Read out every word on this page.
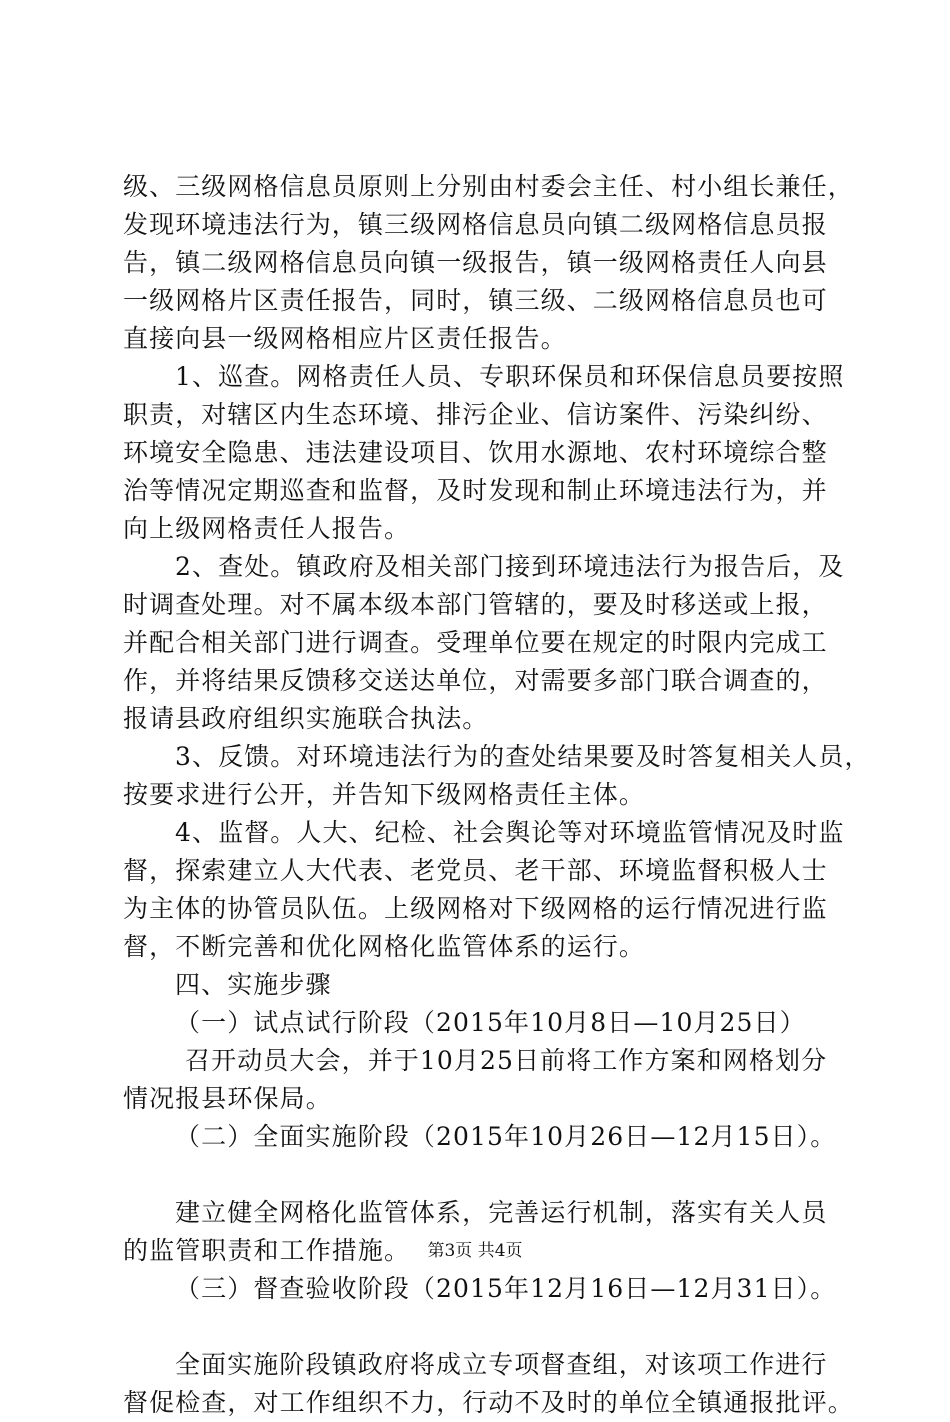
级、三级网格信息员原则上分别由村委会主任、村小组长兼任，
发现环境违法行为，镇三级网格信息员向镇二级网格信息员报
告，镇二级网格信息员向镇一级报告，镇一级网格责任人向县
一级网格片区责任报告，同时，镇三级、二级网格信息员也可
直接向县一级网格相应片区责任报告。
1、巡查。网格责任人员、专职环保员和环保信息员要按照
职责，对辖区内生态环境、排污企业、信访案件、污染纠纷、
环境安全隐患、违法建设项目、饮用水源地、农村环境综合整
治等情况定期巡查和监督，及时发现和制止环境违法行为，并
向上级网格责任人报告。
2、查处。镇政府及相关部门接到环境违法行为报告后，及
时调查处理。对不属本级本部门管辖的，要及时移送或上报，
并配合相关部门进行调查。受理单位要在规定的时限内完成工
作，并将结果反馈移交送达单位，对需要多部门联合调查的，
报请县政府组织实施联合执法。
3、反馈。对环境违法行为的查处结果要及时答复相关人员，
按要求进行公开，并告知下级网格责任主体。
4、监督。人大、纪检、社会舆论等对环境监管情况及时监
督，探索建立人大代表、老党员、老干部、环境监督积极人士
为主体的协管员队伍。上级网格对下级网格的运行情况进行监
督，不断完善和优化网格化监管体系的运行。
四、实施步骤
（一）试点试行阶段（2015年10月8日—10月25日）
召开动员大会，并于10月25日前将工作方案和网格划分
情况报县环保局。
（二）全面实施阶段（2015年10月26日—12月15日）。
建立健全网格化监管体系，完善运行机制，落实有关人员
的监管职责和工作措施。
（三）督查验收阶段（2015年12月16日—12月31日）。
全面实施阶段镇政府将成立专项督查组，对该项工作进行
督促检查，对工作组织不力，行动不及时的单位全镇通报批评。
第3页 共4页
